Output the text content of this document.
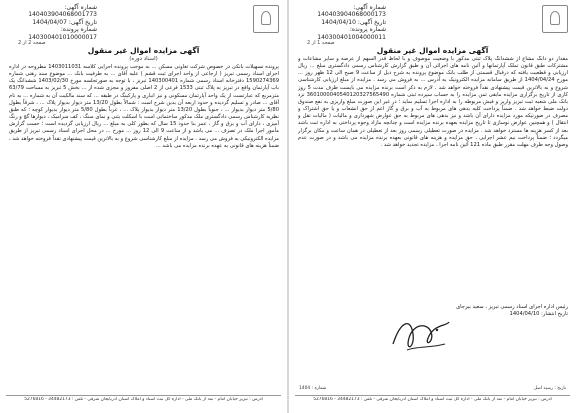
شماره آگهی: 140403904068001773
تاریخ آگهی: 1404/04/07
شماره پرونده: 140300401010000017
صفحه 2 از 2
آگهی مزایده اموال غیر منقول
(اسناد دوره)
پرونده تسهیلات بانکی در خصوص شرکت تعاونی مسکن ... به موجب پرونده اجرایی کلاسه 1403011031 مطروحه در اداره اجرای اسناد رسمی تبریز ( ارجاعی از واحد اجرای ثبت قشم ) علیه آقای ... به طرفیت بانک ... موضوع سند رهنی شماره 1590274369 دفترخانه اسناد رسمی شماره 140300401 تبریز ، با توجه به صورتجلسه مورخ 1403/02/30 ششدانگ یک باب آپارتمان واقع در تبریز به پلاک ثبتی 1533 فرعی از 2 اصلی مفروز و مجزی شده از ... بخش 5 تبریز به مساحت 63/79 مترمربع که عبارتست از یک واحد آپارتمان مسکونی و نیز انباری و پارکینگ در طبقه ... که سند مالکیت آن به شماره ... به نام آقای ... صادر و تسلیم گردیده و حدود اربعه آن بدین شرح است : شمالاً بطول 13/20 متر دیوار بدیوار پلاک ... ، شرقاً بطول 5/80 متر دیوار بدیوار ... ، جنوباً بطول 13/20 متر دیوار بدیوار پلاک ... ، غرباً بطول 5/80 متر دیوار بدیوار کوچه ؛ که طبق نظریه کارشناس رسمی دادگستری ملک مذکور ساختمانی است با اسکلت بتنی و نمای سنگ ، کف سرامیک ، دیوارها گچ و رنگ آمیزی ، دارای آب و برق و گاز ، عمر بنا حدود 15 سال که بطور کلی به مبلغ ... ریال ارزیابی گردیده است ؛ حسب گزارش مأمور اجرا ملک در تصرف ... می باشد و از ساعت 9 الی 12 روز ... مورخ ... در محل اجرای اسناد رسمی تبریز از طریق مزایده الکترونیکی به فروش می رسد . مزایده از مبلغ کارشناسی شروع و به بالاترین قیمت پیشنهادی نقداً فروخته خواهد شد ، ضمناً هزینه های قانونی به عهده برنده مزایده می باشد ...
آدرس : تبریز خیابان امام - بعد از بانک ملی - اداره کل ثبت اسناد و املاک استان آذربایجان شرقی - تلفن : 34482173 - 5276816
شماره آگهی: 140403904068000173
تاریخ آگهی: 1404/04/10
شماره پرونده: 140300401004000011
صفحه 1 از 2
آگهی مزایده اموال غیر منقول
مقدار دو دانگ مشاع از ششدانگ پلاک ثبتی مذکور با وضعیت موصوف و با لحاظ قدر السهم از عرصه و سایر مشاعات و مشترکات طبق قانون تملک آپارتمانها و آئین نامه های اجرائی آن و طبق گزارش کارشناس رسمی دادگستری مبلغ ... ریال ارزیابی و قطعیت یافته که درقبال قسمتی از طلب بانک موضوع پرونده به شرح ذیل از ساعت 9 صبح الی 12 ظهر روز ... مورخ 1404/04/24 از طریق سامانه مزایده الکترونیک به آدرس ... به فروش می رسد . مزایده از مبلغ ارزیابی کارشناسی شروع و به بالاترین قیمت پیشنهادی نقداً فروخته خواهد شد . لازم به ذکر است برنده مزایده می بایست ظرف مدت 5 روز کاری از تاریخ برگزاری مزایده مابقی ثمن مزایده را به حساب سپرده ثبتی شماره 3601000040540120327565490 نزد بانک ملی شعبه ثبت تبریز واریز و فیش مربوطه را به اداره اجرا تسلیم نماید ؛ در غیر این صورت مبلغ واریزی به نفع صندوق دولت ضبط خواهد شد . ضمناً پرداخت کلیه بدهی های مربوط به آب و برق و گاز اعم از حق انشعاب و یا حق اشتراک و مصرف در صورتیکه مورد مزایده دارای آن باشد و نیز بدهی های مربوط به حق عوارض شهرداری و مالیات ( مالیات نقل و انتقال ) و همچنین عوارض نوسازی تا تاریخ مزایده بعهده برنده مزایده است و چنانچه مازاد وجوه پرداختی به اداره ثبت باشد بعد از کسر هزینه ها مسترد خواهد شد . مزایده در صورت تعطیلی رسمی روز بعد از تعطیلی در همان ساعت و مکان برگزار میگردد ؛ ضمناً پرداخت نیم عشر اجرایی ، حق مزایده و هزینه های قانونی بعهده برنده مزایده می باشد و در صورت عدم وصول وجه ظرف مهلت مقرر طبق ماده 121 آئین نامه اجرا ، مزایده تجدید خواهد شد .
رئیس اداره اجرای اسناد رسمی تبریز ، سعید بیرجای
تاریخ انتشار: 1404/04/10
تاریخ : رسید اصل
شماره : 1404
آدرس : تبریز خیابان امام - بعد از بانک ملی - اداره کل ثبت اسناد و املاک استان آذربایجان شرقی - تلفن : 34482173 - 5276816
